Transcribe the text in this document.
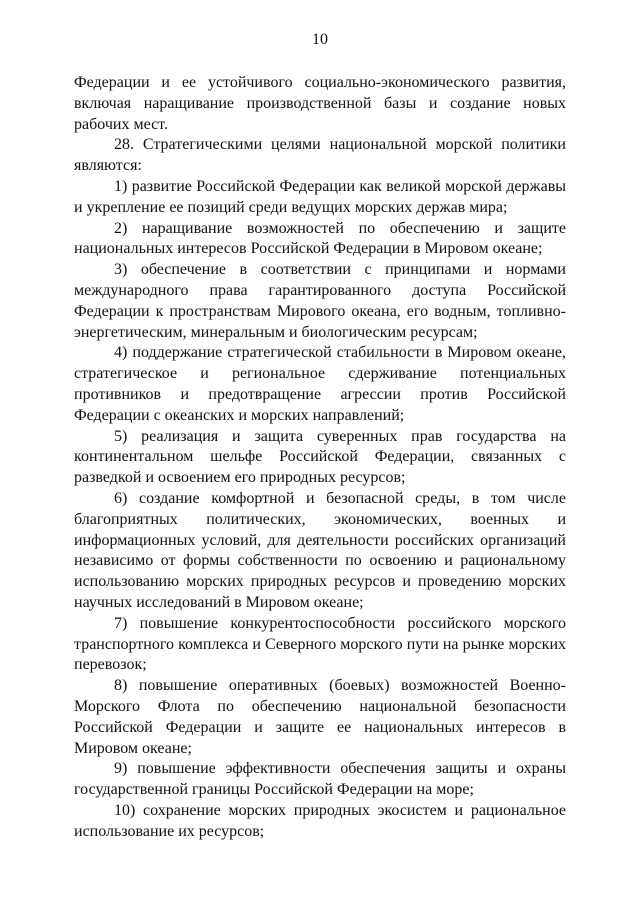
10

Федерации и ее устойчивого социально-экономического развития, включая наращивание производственной базы и создание новых рабочих мест.

28. Стратегическими целями национальной морской политики являются:

1) развитие Российской Федерации как великой морской державы и укрепление ее позиций среди ведущих морских держав мира;

2) наращивание возможностей по обеспечению и защите национальных интересов Российской Федерации в Мировом океане;

3) обеспечение в соответствии с принципами и нормами международного права гарантированного доступа Российской Федерации к пространствам Мирового океана, его водным, топливно-энергетическим, минеральным и биологическим ресурсам;

4) поддержание стратегической стабильности в Мировом океане, стратегическое и региональное сдерживание потенциальных противников и предотвращение агрессии против Российской Федерации с океанских и морских направлений;

5) реализация и защита суверенных прав государства на континентальном шельфе Российской Федерации, связанных с разведкой и освоением его природных ресурсов;

6) создание комфортной и безопасной среды, в том числе благоприятных политических, экономических, военных и информационных условий, для деятельности российских организаций независимо от формы собственности по освоению и рациональному использованию морских природных ресурсов и проведению морских научных исследований в Мировом океане;

7) повышение конкурентоспособности российского морского транспортного комплекса и Северного морского пути на рынке морских перевозок;

8) повышение оперативных (боевых) возможностей Военно-Морского Флота по обеспечению национальной безопасности Российской Федерации и защите ее национальных интересов в Мировом океане;

9) повышение эффективности обеспечения защиты и охраны государственной границы Российской Федерации на море;

10) сохранение морских природных экосистем и рациональное использование их ресурсов;
